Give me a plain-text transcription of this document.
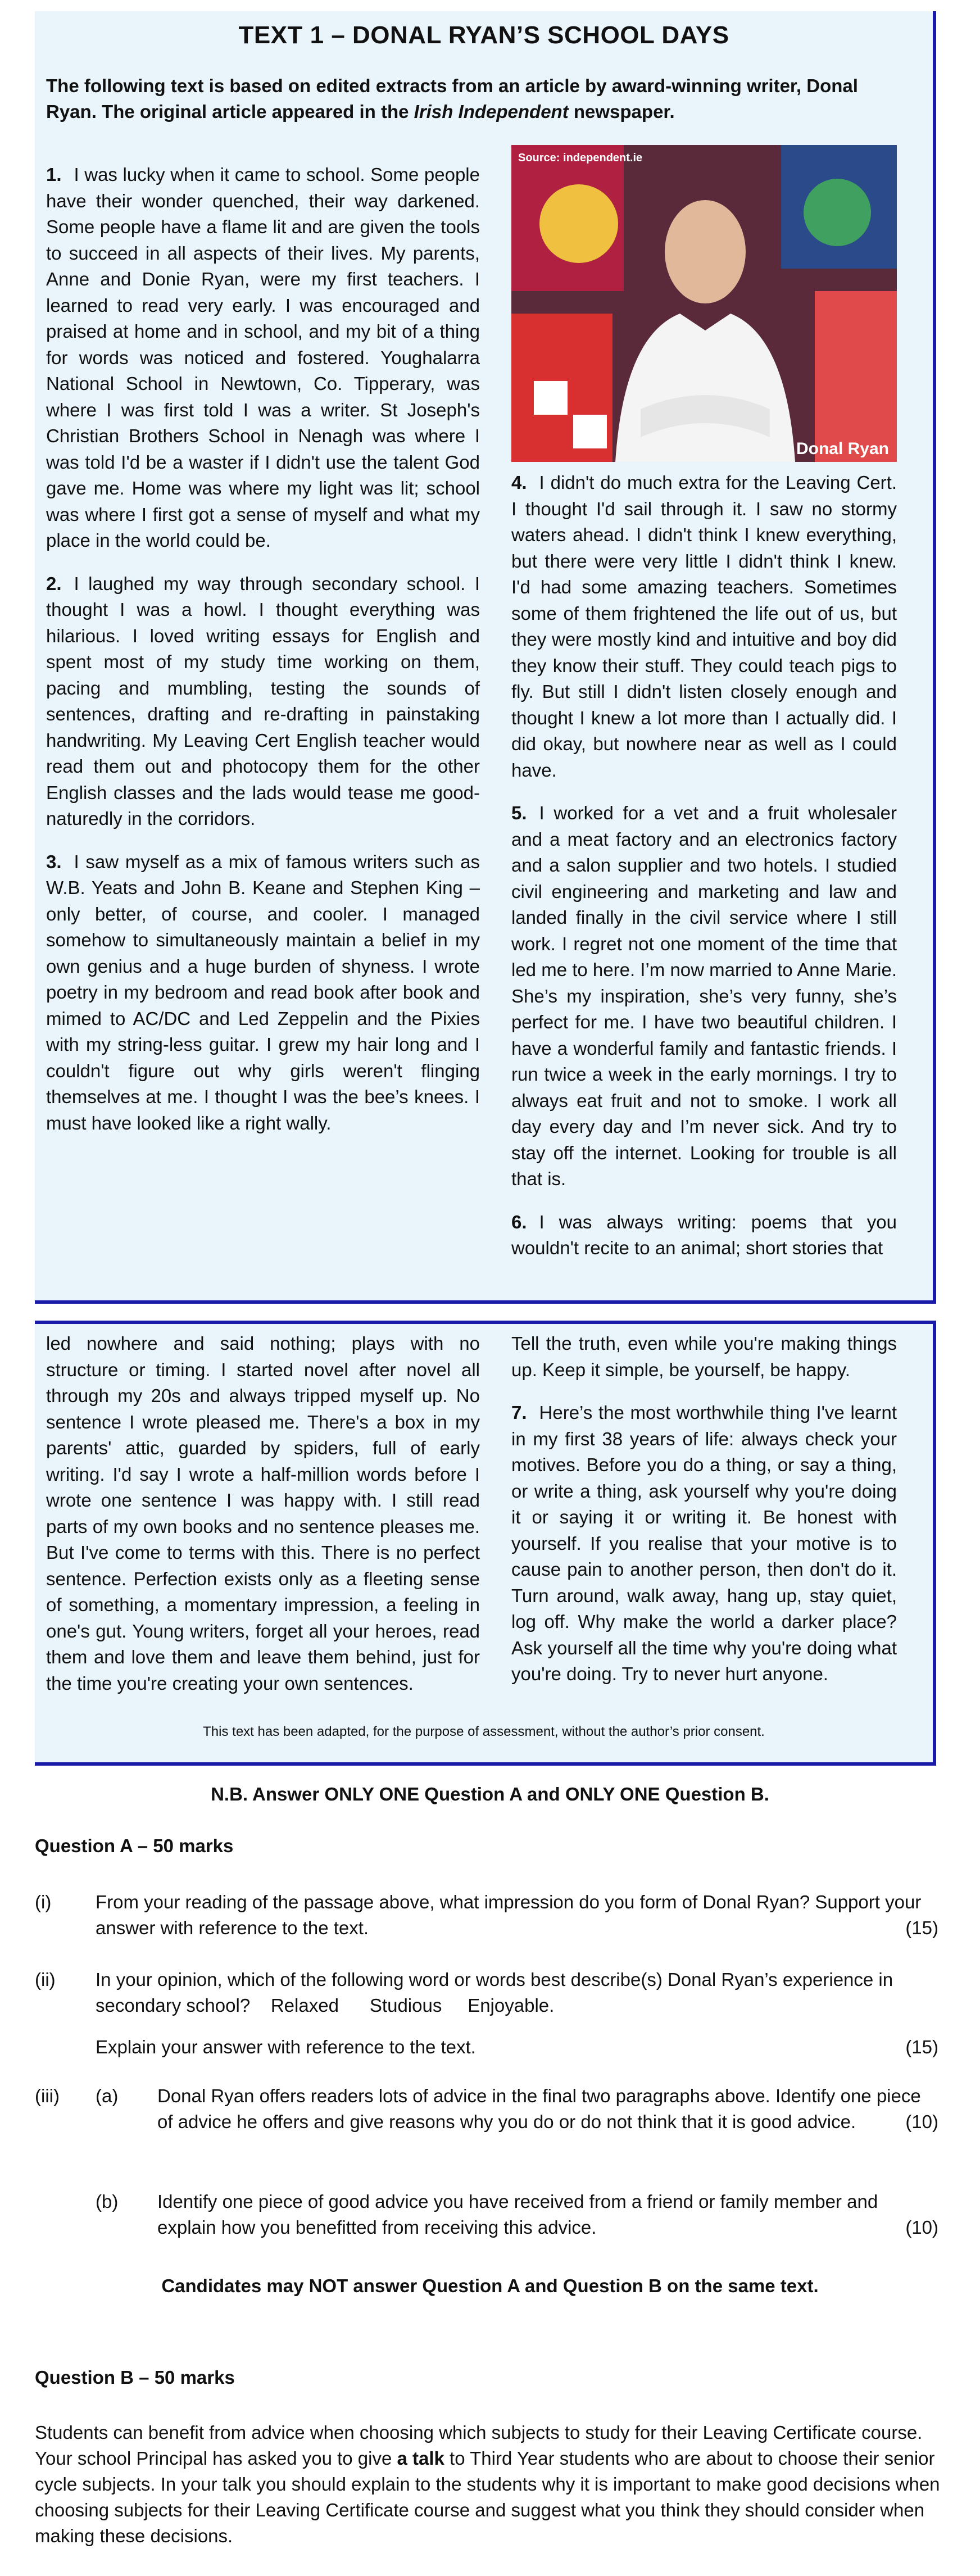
TEXT 1 – DONAL RYAN’S SCHOOL DAYS
The following text is based on edited extracts from an article by award-winning writer, Donal Ryan. The original article appeared in the Irish Independent newspaper.

1. I was lucky when it came to school. Some people have their wonder quenched, their way darkened. Some people have a flame lit and are given the tools to succeed in all aspects of their lives. My parents, Anne and Donie Ryan, were my first teachers. I learned to read very early. I was encouraged and praised at home and in school, and my bit of a thing for words was noticed and fostered. Youghalarra National School in Newtown, Co. Tipperary, was where I was first told I was a writer. St Joseph's Christian Brothers School in Nenagh was where I was told I'd be a waster if I didn't use the talent God gave me. Home was where my light was lit; school was where I first got a sense of myself and what my place in the world could be.

2. I laughed my way through secondary school. I thought I was a howl. I thought everything was hilarious. I loved writing essays for English and spent most of my study time working on them, pacing and mumbling, testing the sounds of sentences, drafting and re-drafting in painstaking handwriting. My Leaving Cert English teacher would read them out and photocopy them for the other English classes and the lads would tease me good-naturedly in the corridors.

3. I saw myself as a mix of famous writers such as W.B. Yeats and John B. Keane and Stephen King – only better, of course, and cooler. I managed somehow to simultaneously maintain a belief in my own genius and a huge burden of shyness. I wrote poetry in my bedroom and read book after book and mimed to AC/DC and Led Zeppelin and the Pixies with my string-less guitar. I grew my hair long and I couldn't figure out why girls weren't flinging themselves at me. I thought I was the bee’s knees. I must have looked like a right wally.

Source: independent.ie
Donal Ryan

4. I didn't do much extra for the Leaving Cert. I thought I'd sail through it. I saw no stormy waters ahead. I didn't think I knew everything, but there were very little I didn't think I knew. I'd had some amazing teachers. Sometimes some of them frightened the life out of us, but they were mostly kind and intuitive and boy did they know their stuff. They could teach pigs to fly. But still I didn't listen closely enough and thought I knew a lot more than I actually did. I did okay, but nowhere near as well as I could have.

5. I worked for a vet and a fruit wholesaler and a meat factory and an electronics factory and a salon supplier and two hotels. I studied civil engineering and marketing and law and landed finally in the civil service where I still work. I regret not one moment of the time that led me to here. I’m now married to Anne Marie. She’s my inspiration, she’s very funny, she’s perfect for me. I have two beautiful children. I have a wonderful family and fantastic friends. I run twice a week in the early mornings. I try to always eat fruit and not to smoke. I work all day every day and I’m never sick. And try to stay off the internet. Looking for trouble is all that is.

6. I was always writing: poems that you wouldn't recite to an animal; short stories that

led nowhere and said nothing; plays with no structure or timing. I started novel after novel all through my 20s and always tripped myself up. No sentence I wrote pleased me. There's a box in my parents' attic, guarded by spiders, full of early writing. I'd say I wrote a half-million words before I wrote one sentence I was happy with. I still read parts of my own books and no sentence pleases me. But I've come to terms with this. There is no perfect sentence. Perfection exists only as a fleeting sense of something, a momentary impression, a feeling in one's gut. Young writers, forget all your heroes, read them and love them and leave them behind, just for the time you're creating your own sentences.

Tell the truth, even while you're making things up. Keep it simple, be yourself, be happy.

7. Here’s the most worthwhile thing I've learnt in my first 38 years of life: always check your motives. Before you do a thing, or say a thing, or write a thing, ask yourself why you're doing it or saying it or writing it. Be honest with yourself. If you realise that your motive is to cause pain to another person, then don't do it. Turn around, walk away, hang up, stay quiet, log off. Why make the world a darker place? Ask yourself all the time why you're doing what you're doing. Try to never hurt anyone.

This text has been adapted, for the purpose of assessment, without the author’s prior consent.
N.B. Answer ONLY ONE Question A and ONLY ONE Question B.
Question A – 50 marks
(i) From your reading of the passage above, what impression do you form of Donal Ryan? Support your answer with reference to the text.	(15)
(ii) In your opinion, which of the following word or words best describe(s) Donal Ryan’s experience in secondary school?    Relaxed      Studious     Enjoyable.
Explain your answer with reference to the text.	(15)
(iii) (a) Donal Ryan offers readers lots of advice in the final two paragraphs above. Identify one piece of advice he offers and give reasons why you do or do not think that it is good advice.	(10)
(b) Identify one piece of good advice you have received from a friend or family member and explain how you benefitted from receiving this advice.	(10)
Candidates may NOT answer Question A and Question B on the same text.
Question B – 50 marks
Students can benefit from advice when choosing which subjects to study for their Leaving Certificate course. Your school Principal has asked you to give a talk to Third Year students who are about to choose their senior cycle subjects. In your talk you should explain to the students why it is important to make good decisions when choosing subjects for their Leaving Certificate course and suggest what you think they should consider when making these decisions.
